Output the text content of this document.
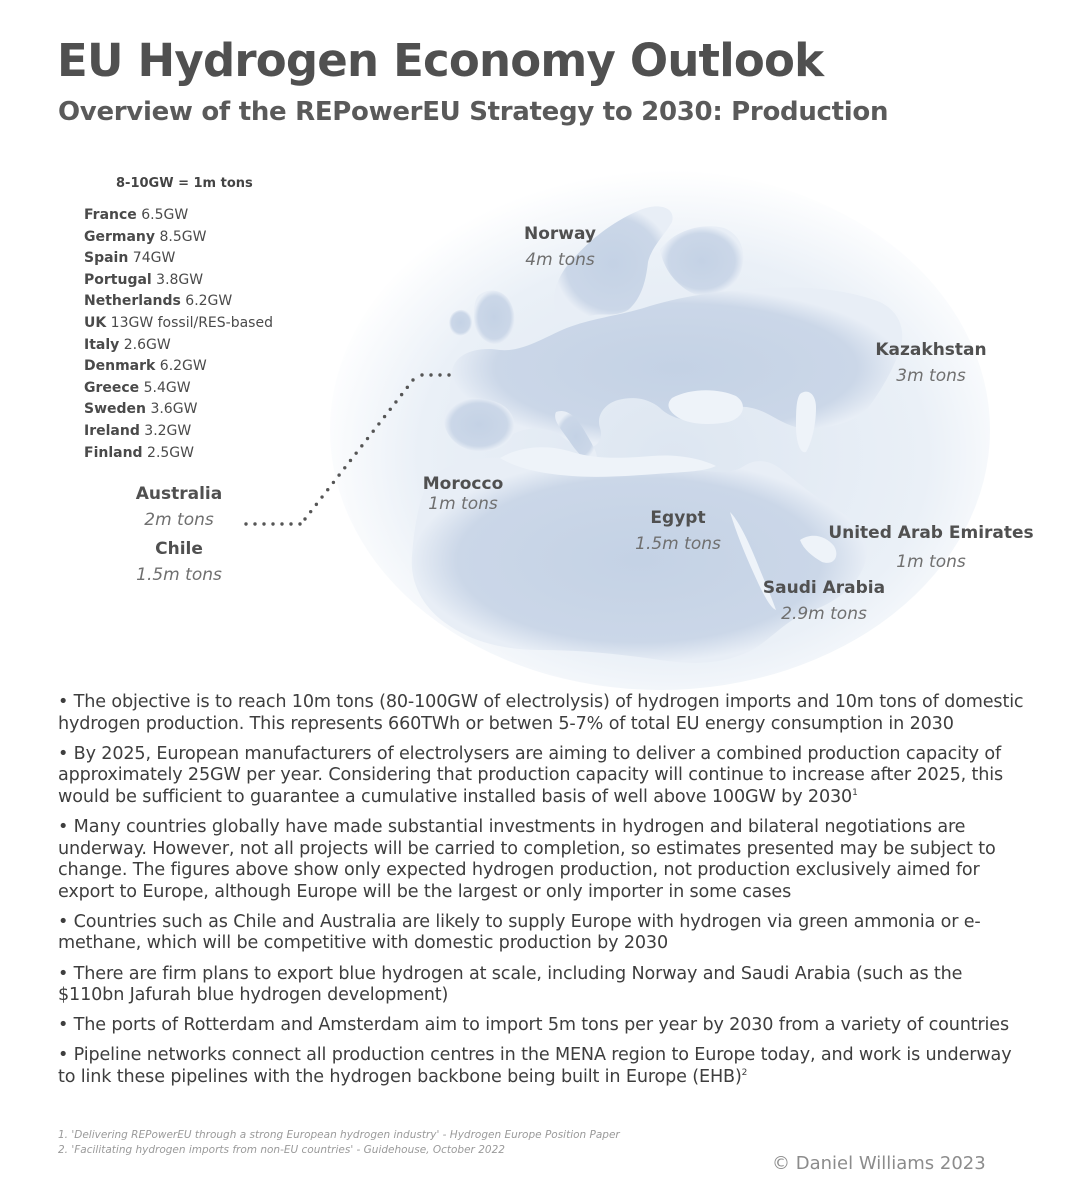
EU Hydrogen Economy Outlook
Overview of the REPowerEU Strategy to 2030: Production
8-10GW = 1m tons
France 6.5GW
Germany 8.5GW
Spain 74GW
Portugal 3.8GW
Netherlands 6.2GW
UK 13GW fossil/RES-based
Italy 2.6GW
Denmark 6.2GW
Greece 5.4GW
Sweden 3.6GW
Ireland 3.2GW
Finland 2.5GW
Norway
4m tons
Kazakhstan
3m tons
Morocco
1m tons
Egypt
1.5m tons
United Arab Emirates
1m tons
Saudi Arabia
2.9m tons
Australia
2m tons
Chile
1.5m tons
• The objective is to reach 10m tons (80-100GW of electrolysis) of hydrogen imports and 10m tons of domestic hydrogen production. This represents 660TWh or betwen 5-7% of total EU energy consumption in 2030
• By 2025, European manufacturers of electrolysers are aiming to deliver a combined production capacity of approximately 25GW per year. Considering that production capacity will continue to increase after 2025, this would be sufficient to guarantee a cumulative installed basis of well above 100GW by 2030$^1$
• Many countries globally have made substantial investments in hydrogen and bilateral negotiations are underway. However, not all projects will be carried to completion, so estimates presented may be subject to change. The figures above show only expected hydrogen production, not production exclusively aimed for export to Europe, although Europe will be the largest or only importer in some cases
• Countries such as Chile and Australia are likely to supply Europe with hydrogen via green ammonia or e-methane, which will be competitive with domestic production by 2030
• There are firm plans to export blue hydrogen at scale, including Norway and Saudi Arabia (such as the $110bn Jafurah blue hydrogen development)
• The ports of Rotterdam and Amsterdam aim to import 5m tons per year by 2030 from a variety of countries
• Pipeline networks connect all production centres in the MENA region to Europe today, and work is underway to link these pipelines with the hydrogen backbone being built in Europe (EHB)$^2$
1. 'Delivering REPowerEU through a strong European hydrogen industry' - Hydrogen Europe Position Paper
2. 'Facilitating hydrogen imports from non-EU countries' - Guidehouse, October 2022
© Daniel Williams 2023
